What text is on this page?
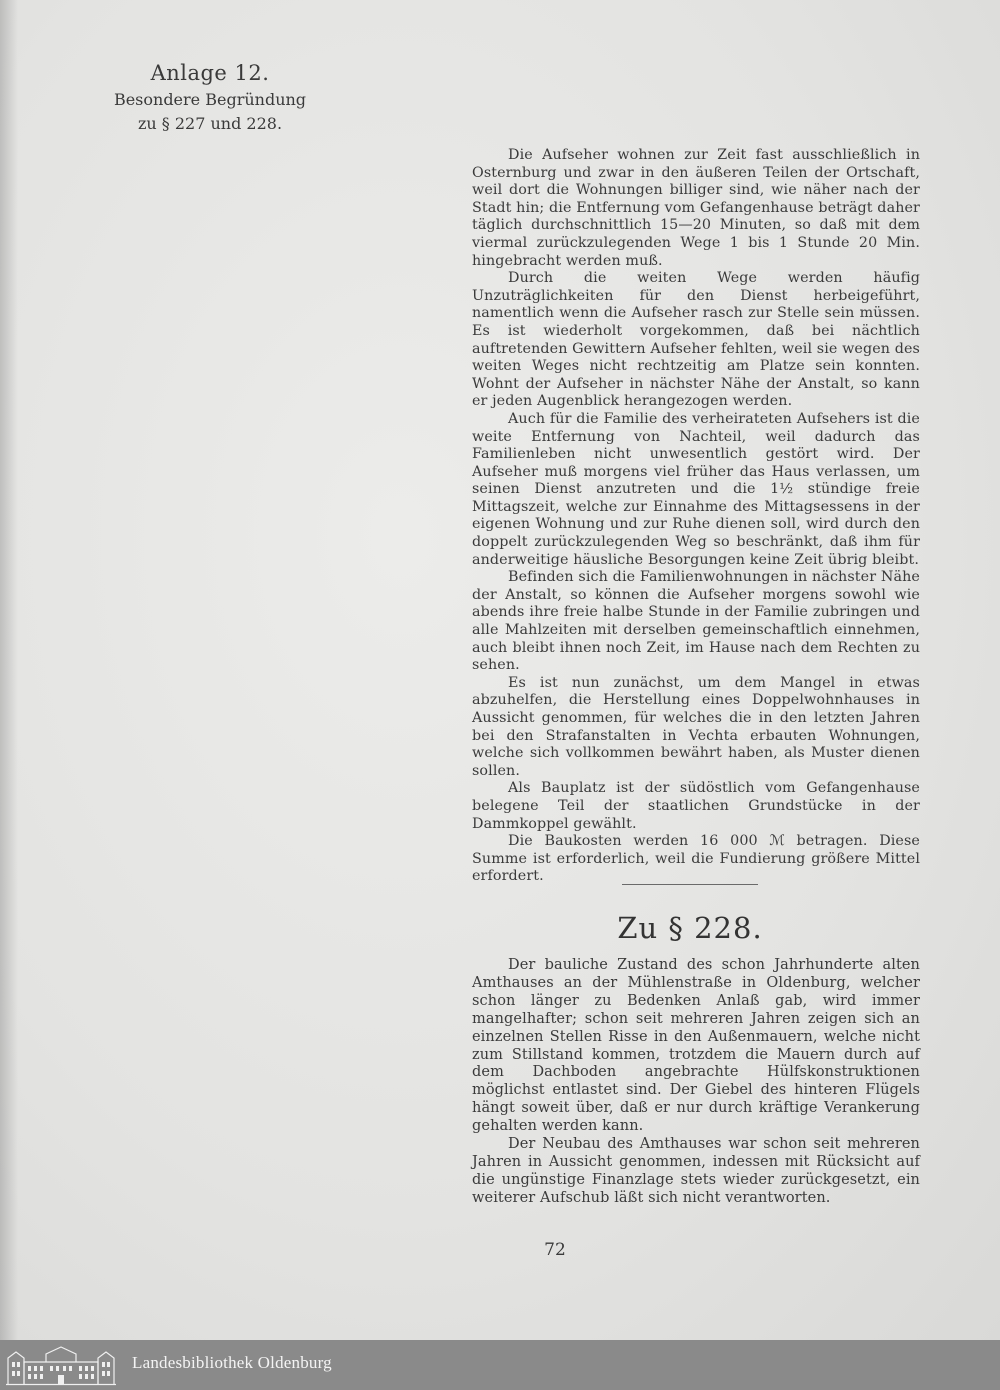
Anlage 12.
Besondere Begründung
zu § 227 und 228.

Die Aufseher wohnen zur Zeit fast ausschließlich in Osternburg und zwar in den äußeren Teilen der Ortschaft, weil dort die Wohnungen billiger sind, wie näher nach der Stadt hin; die Entfernung vom Gefangenhause beträgt daher täglich durchschnittlich 15—20 Minuten, so daß mit dem viermal zurückzulegenden Wege 1 bis 1 Stunde 20 Min. hingebracht werden muß.

Durch die weiten Wege werden häufig Unzuträglichkeiten für den Dienst herbeigeführt, namentlich wenn die Aufseher rasch zur Stelle sein müssen. Es ist wiederholt vorgekommen, daß bei nächtlich auftretenden Gewittern Aufseher fehlten, weil sie wegen des weiten Weges nicht rechtzeitig am Platze sein konnten. Wohnt der Aufseher in nächster Nähe der Anstalt, so kann er jeden Augenblick herangezogen werden.

Auch für die Familie des verheirateten Aufsehers ist die weite Entfernung von Nachteil, weil dadurch das Familienleben nicht unwesentlich gestört wird. Der Aufseher muß morgens viel früher das Haus verlassen, um seinen Dienst anzutreten und die 1½ stündige freie Mittagszeit, welche zur Einnahme des Mittagsessens in der eigenen Wohnung und zur Ruhe dienen soll, wird durch den doppelt zurückzulegenden Weg so beschränkt, daß ihm für anderweitige häusliche Besorgungen keine Zeit übrig bleibt.

Befinden sich die Familienwohnungen in nächster Nähe der Anstalt, so können die Aufseher morgens sowohl wie abends ihre freie halbe Stunde in der Familie zubringen und alle Mahlzeiten mit derselben gemeinschaftlich einnehmen, auch bleibt ihnen noch Zeit, im Hause nach dem Rechten zu sehen.

Es ist nun zunächst, um dem Mangel in etwas abzuhelfen, die Herstellung eines Doppelwohnhauses in Aussicht genommen, für welches die in den letzten Jahren bei den Strafanstalten in Vechta erbauten Wohnungen, welche sich vollkommen bewährt haben, als Muster dienen sollen.

Als Bauplatz ist der südöstlich vom Gefangenhause belegene Teil der staatlichen Grundstücke in der Dammkoppel gewählt.

Die Baukosten werden 16 000 ℳ betragen. Diese Summe ist erforderlich, weil die Fundierung größere Mittel erfordert.

Zu § 228.

Der bauliche Zustand des schon Jahrhunderte alten Amthauses an der Mühlenstraße in Oldenburg, welcher schon länger zu Bedenken Anlaß gab, wird immer mangelhafter; schon seit mehreren Jahren zeigen sich an einzelnen Stellen Risse in den Außenmauern, welche nicht zum Stillstand kommen, trotzdem die Mauern durch auf dem Dachboden angebrachte Hülfskonstruktionen möglichst entlastet sind. Der Giebel des hinteren Flügels hängt soweit über, daß er nur durch kräftige Verankerung gehalten werden kann.

Der Neubau des Amthauses war schon seit mehreren Jahren in Aussicht genommen, indessen mit Rücksicht auf die ungünstige Finanzlage stets wieder zurückgesetzt, ein weiterer Aufschub läßt sich nicht verantworten.

72
Landesbibliothek Oldenburg
